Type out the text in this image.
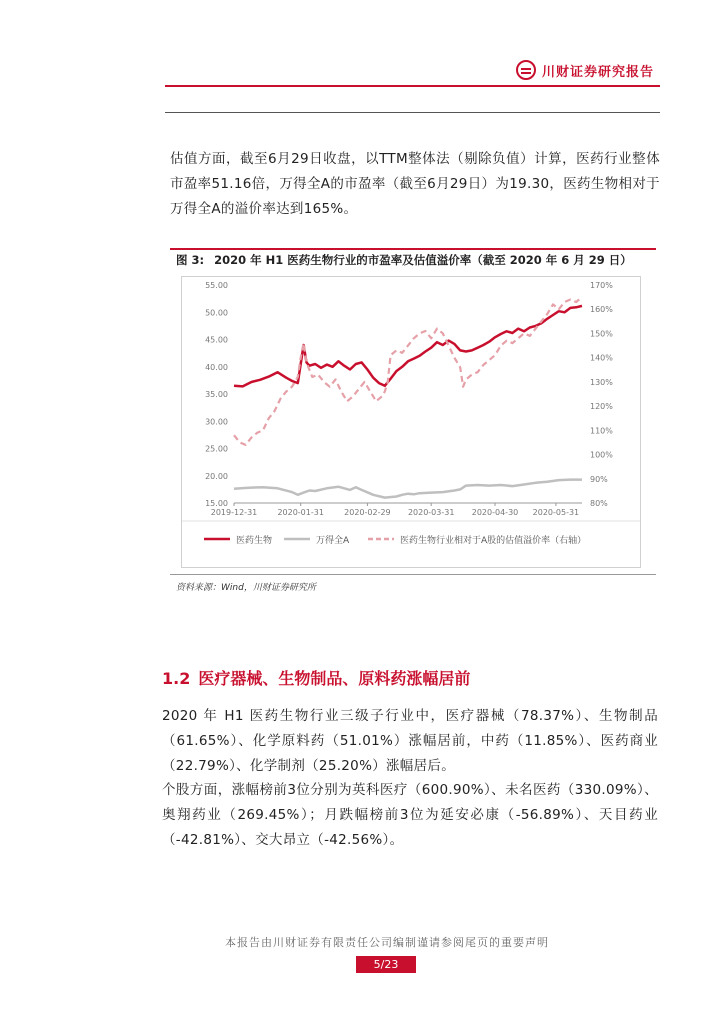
川财证券研究报告
估值方面，截至6月29日收盘，以TTM整体法（剔除负值）计算，医药行业整体市盈率51.16倍，万得全A的市盈率（截至6月29日）为19.30，医药生物相对于万得全A的溢价率达到165%。
图 3: 2020 年 H1 医药生物行业的市盈率及估值溢价率（截至 2020 年 6 月 29 日）
15.00
20.00
25.00
30.00
35.00
40.00
45.00
50.00
55.00
80%
90%
100%
110%
120%
130%
140%
150%
160%
170%
2019-12-31	2020-01-31	2020-02-29 2020-03-31 2020-04-30 2020-05-31
医药生物	万得全A	医药生物行业相对于A股的估值溢价率（右轴）
资料来源：Wind，川财证券研究所
1.2 医疗器械、生物制品、原料药涨幅居前
2020 年 H1 医药生物行业三级子行业中，医疗器械（78.37%）、生物制品（61.65%）、化学原料药（51.01%）涨幅居前，中药（11.85%）、医药商业（22.79%）、化学制剂（25.20%）涨幅居后。
个股方面，涨幅榜前3位分别为英科医疗（600.90%）、未名医药（330.09%）、奥翔药业（269.45%）；月跌幅榜前3位为延安必康（-56.89%）、天目药业（-42.81%）、交大昂立（-42.56%）。
本报告由川财证券有限责任公司编制谨请参阅尾页的重要声明
5/23
